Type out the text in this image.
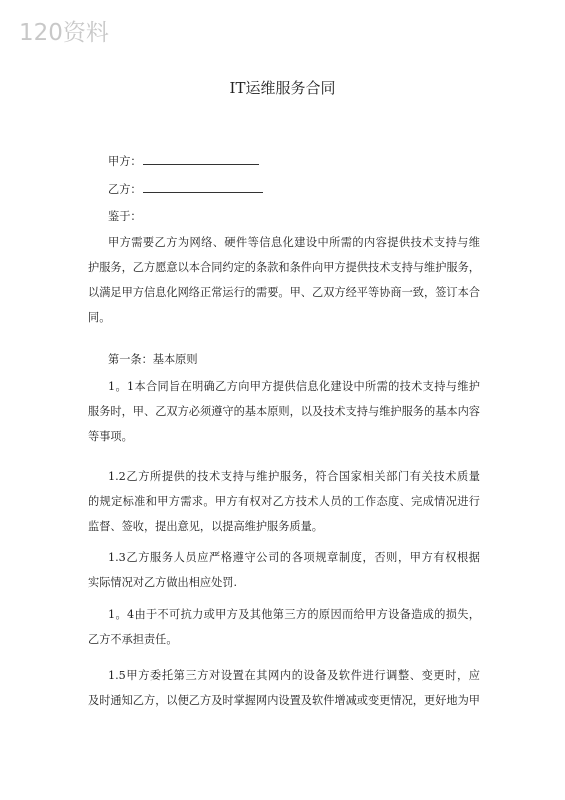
120资料
IT运维服务合同
甲方：
乙方：
鉴于：
甲方需要乙方为网络、硬件等信息化建设中所需的内容提供技术支持与维
护服务，乙方愿意以本合同约定的条款和条件向甲方提供技术支持与维护服务，
以满足甲方信息化网络正常运行的需要。甲、乙双方经平等协商一致，签订本合
同。
第一条：基本原则
1。1本合同旨在明确乙方向甲方提供信息化建设中所需的技术支持与维护
服务时，甲、乙双方必须遵守的基本原则，以及技术支持与维护服务的基本内容
等事项。
1.2乙方所提供的技术支持与维护服务，符合国家相关部门有关技术质量
的规定标准和甲方需求。甲方有权对乙方技术人员的工作态度、完成情况进行
监督、签收，提出意见，以提高维护服务质量。
1.3乙方服务人员应严格遵守公司的各项规章制度，否则，甲方有权根据
实际情况对乙方做出相应处罚.
1。4由于不可抗力或甲方及其他第三方的原因而给甲方设备造成的损失，
乙方不承担责任。
1.5甲方委托第三方对设置在其网内的设备及软件进行调整、变更时，应
及时通知乙方，以便乙方及时掌握网内设置及软件增减或变更情况，更好地为甲
